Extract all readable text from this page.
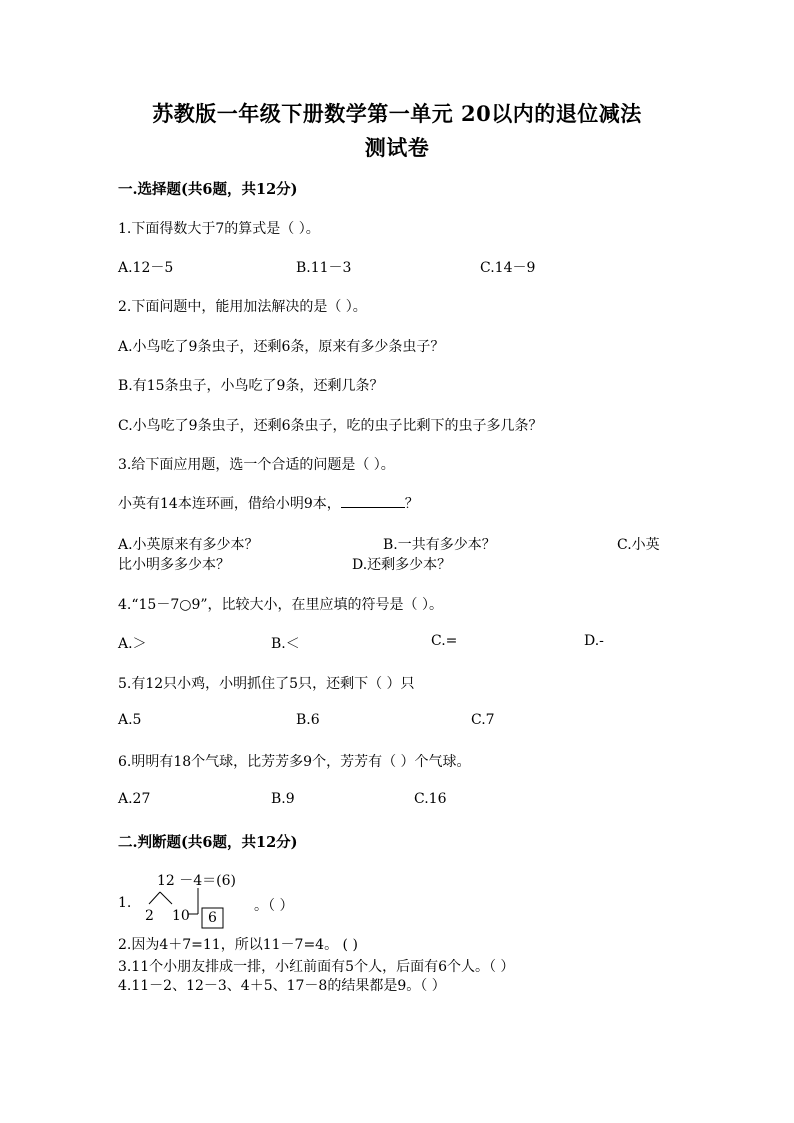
苏教版一年级下册数学第一单元 20以内的退位减法
测试卷
一.选择题(共6题，共12分)
1.下面得数大于7的算式是（ ）。
A.12－5	B.11－3	C.14－9
2.下面问题中，能用加法解决的是（ ）。
A.小鸟吃了9条虫子，还剩6条，原来有多少条虫子？
B.有15条虫子，小鸟吃了9条，还剩几条？
C.小鸟吃了9条虫子，还剩6条虫子，吃的虫子比剩下的虫子多几条？
3.给下面应用题，选一个合适的问题是（ ）。
小英有14本连环画，借给小明9本，	？
A.小英原来有多少本？	B.一共有多少本？	C.小英
比小明多多少本？	D.还剩多少本？
4.“15－7○9”，比较大小，在里应填的符号是（ ）。
A.＞	B.＜	C.=	D.-
5.有12只小鸡，小明抓住了5只，还剩下（ ）只
A.5	B.6	C.7
6.明明有18个气球，比芳芳多9个，芳芳有（ ）个气球。
A.27	B.9	C.16
二.判断题(共6题，共12分)
1.
12 －4＝(6)
2 10 6
。（ ）
2.因为4＋7=11，所以11－7=4。 ( )
3.11个小朋友排成一排，小红前面有5个人，后面有6个人。（ ）
4.11－2、12－3、4＋5、17－8的结果都是9。（ ）
